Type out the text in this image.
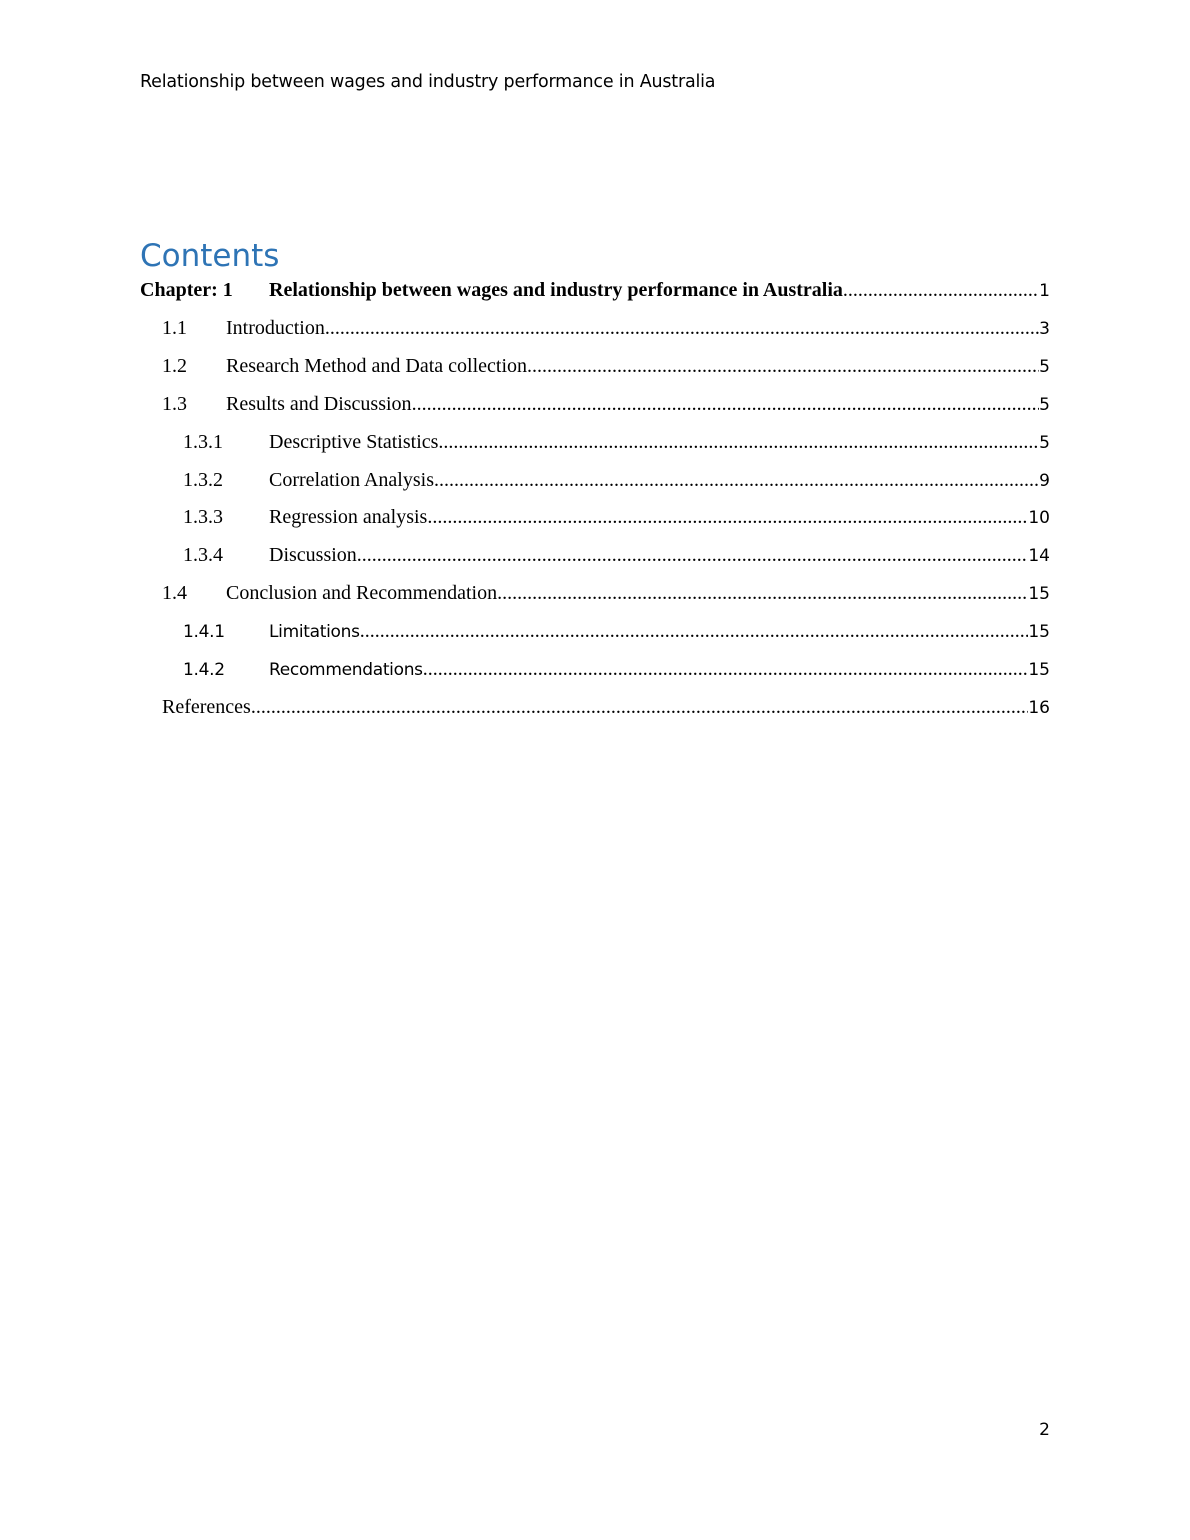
Relationship between wages and industry performance in Australia
Contents
Chapter: 1	Relationship between wages and industry performance in Australia .....	1
1.1	Introduction .....	3
1.2	Research Method and Data collection .....	5
1.3	Results and Discussion .....	5
1.3.1	Descriptive Statistics .....	5
1.3.2	Correlation Analysis .....	9
1.3.3	Regression analysis .....	10
1.3.4	Discussion .....	14
1.4	Conclusion and Recommendation .....	15
1.4.1	Limitations .....	15
1.4.2	Recommendations .....	15
References .....	16
2
